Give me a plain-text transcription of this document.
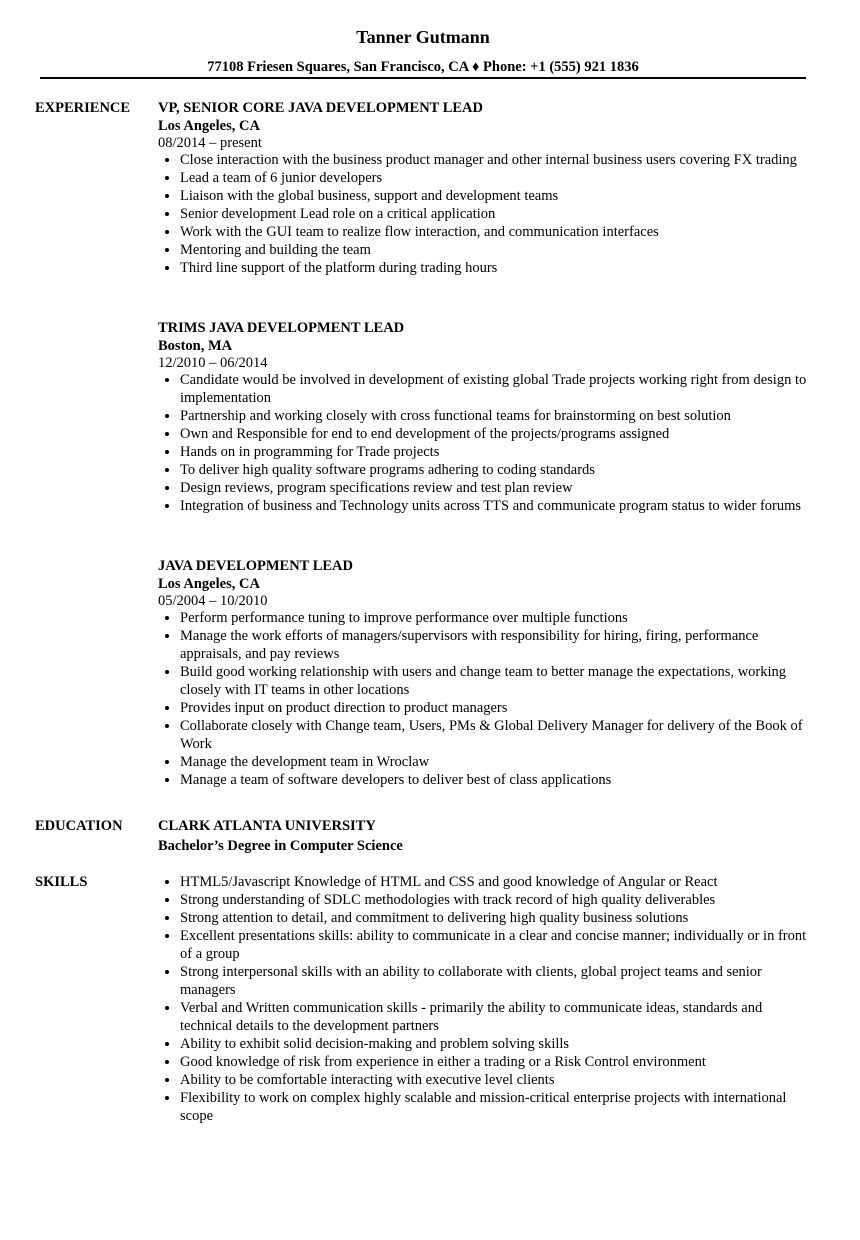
Tanner Gutmann
77108 Friesen Squares, San Francisco, CA ♦ Phone: +1 (555) 921 1836
EXPERIENCE VP, SENIOR CORE JAVA DEVELOPMENT LEAD
Los Angeles, CA
08/2014 – present
Close interaction with the business product manager and other internal business users covering FX trading
Lead a team of 6 junior developers
Liaison with the global business, support and development teams
Senior development Lead role on a critical application
Work with the GUI team to realize flow interaction, and communication interfaces
Mentoring and building the team
Third line support of the platform during trading hours
TRIMS JAVA DEVELOPMENT LEAD
Boston, MA
12/2010 – 06/2014
Candidate would be involved in development of existing global Trade projects working right from design to implementation
Partnership and working closely with cross functional teams for brainstorming on best solution
Own and Responsible for end to end development of the projects/programs assigned
Hands on in programming for Trade projects
To deliver high quality software programs adhering to coding standards
Design reviews, program specifications review and test plan review
Integration of business and Technology units across TTS and communicate program status to wider forums
JAVA DEVELOPMENT LEAD
Los Angeles, CA
05/2004 – 10/2010
Perform performance tuning to improve performance over multiple functions
Manage the work efforts of managers/supervisors with responsibility for hiring, firing, performance appraisals, and pay reviews
Build good working relationship with users and change team to better manage the expectations, working closely with IT teams in other locations
Provides input on product direction to product managers
Collaborate closely with Change team, Users, PMs & Global Delivery Manager for delivery of the Book of Work
Manage the development team in Wroclaw
Manage a team of software developers to deliver best of class applications
EDUCATION CLARK ATLANTA UNIVERSITY
Bachelor’s Degree in Computer Science
SKILLS	HTML5/Javascript Knowledge of HTML and CSS and good knowledge of Angular or React
Strong understanding of SDLC methodologies with track record of high quality deliverables
Strong attention to detail, and commitment to delivering high quality business solutions
Excellent presentations skills: ability to communicate in a clear and concise manner; individually or in front of a group
Strong interpersonal skills with an ability to collaborate with clients, global project teams and senior managers
Verbal and Written communication skills - primarily the ability to communicate ideas, standards and technical details to the development partners
Ability to exhibit solid decision-making and problem solving skills
Good knowledge of risk from experience in either a trading or a Risk Control environment
Ability to be comfortable interacting with executive level clients
Flexibility to work on complex highly scalable and mission-critical enterprise projects with international scope
